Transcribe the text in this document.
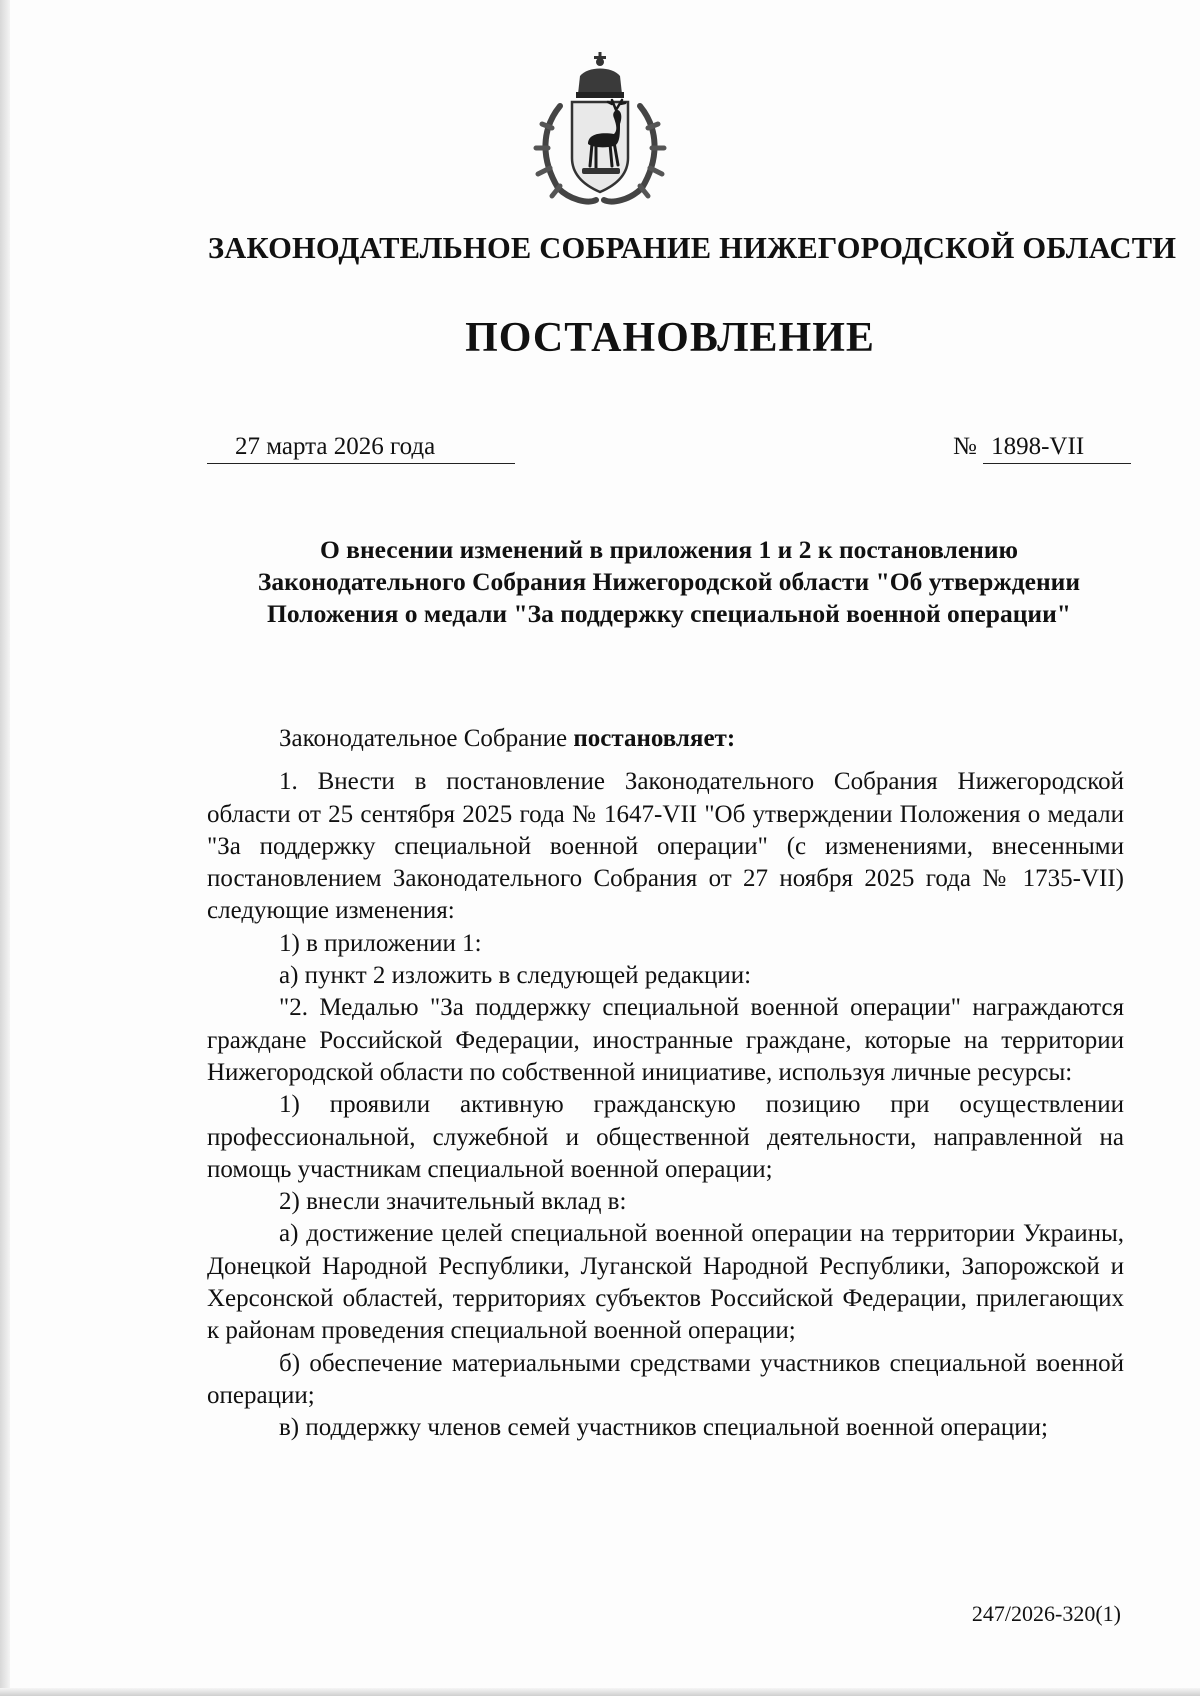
ЗАКОНОДАТЕЛЬНОЕ СОБРАНИЕ НИЖЕГОРОДСКОЙ ОБЛАСТИ
ПОСТАНОВЛЕНИЕ
27 марта 2026 года	№ 1898-VII
О внесении изменений в приложения 1 и 2 к постановлению Законодательного Собрания Нижегородской области "Об утверждении Положения о медали "За поддержку специальной военной операции"

Законодательное Собрание постановляет:

1. Внести в постановление Законодательного Собрания Нижегородской области от 25 сентября 2025 года № 1647-VII "Об утверждении Положения о медали "За поддержку специальной военной операции" (с изменениями, внесенными постановлением Законодательного Собрания от 27 ноября 2025 года № 1735-VII) следующие изменения:

1) в приложении 1:

а) пункт 2 изложить в следующей редакции:

"2. Медалью "За поддержку специальной военной операции" награждаются граждане Российской Федерации, иностранные граждане, которые на территории Нижегородской области по собственной инициативе, используя личные ресурсы:

1) проявили активную гражданскую позицию при осуществлении профессиональной, служебной и общественной деятельности, направленной на помощь участникам специальной военной операции;

2) внесли значительный вклад в:

а) достижение целей специальной военной операции на территории Украины, Донецкой Народной Республики, Луганской Народной Республики, Запорожской и Херсонской областей, территориях субъектов Российской Федерации, прилегающих к районам проведения специальной военной операции;

б) обеспечение материальными средствами участников специальной военной операции;

в) поддержку членов семей участников специальной военной операции;

247/2026-320(1)
